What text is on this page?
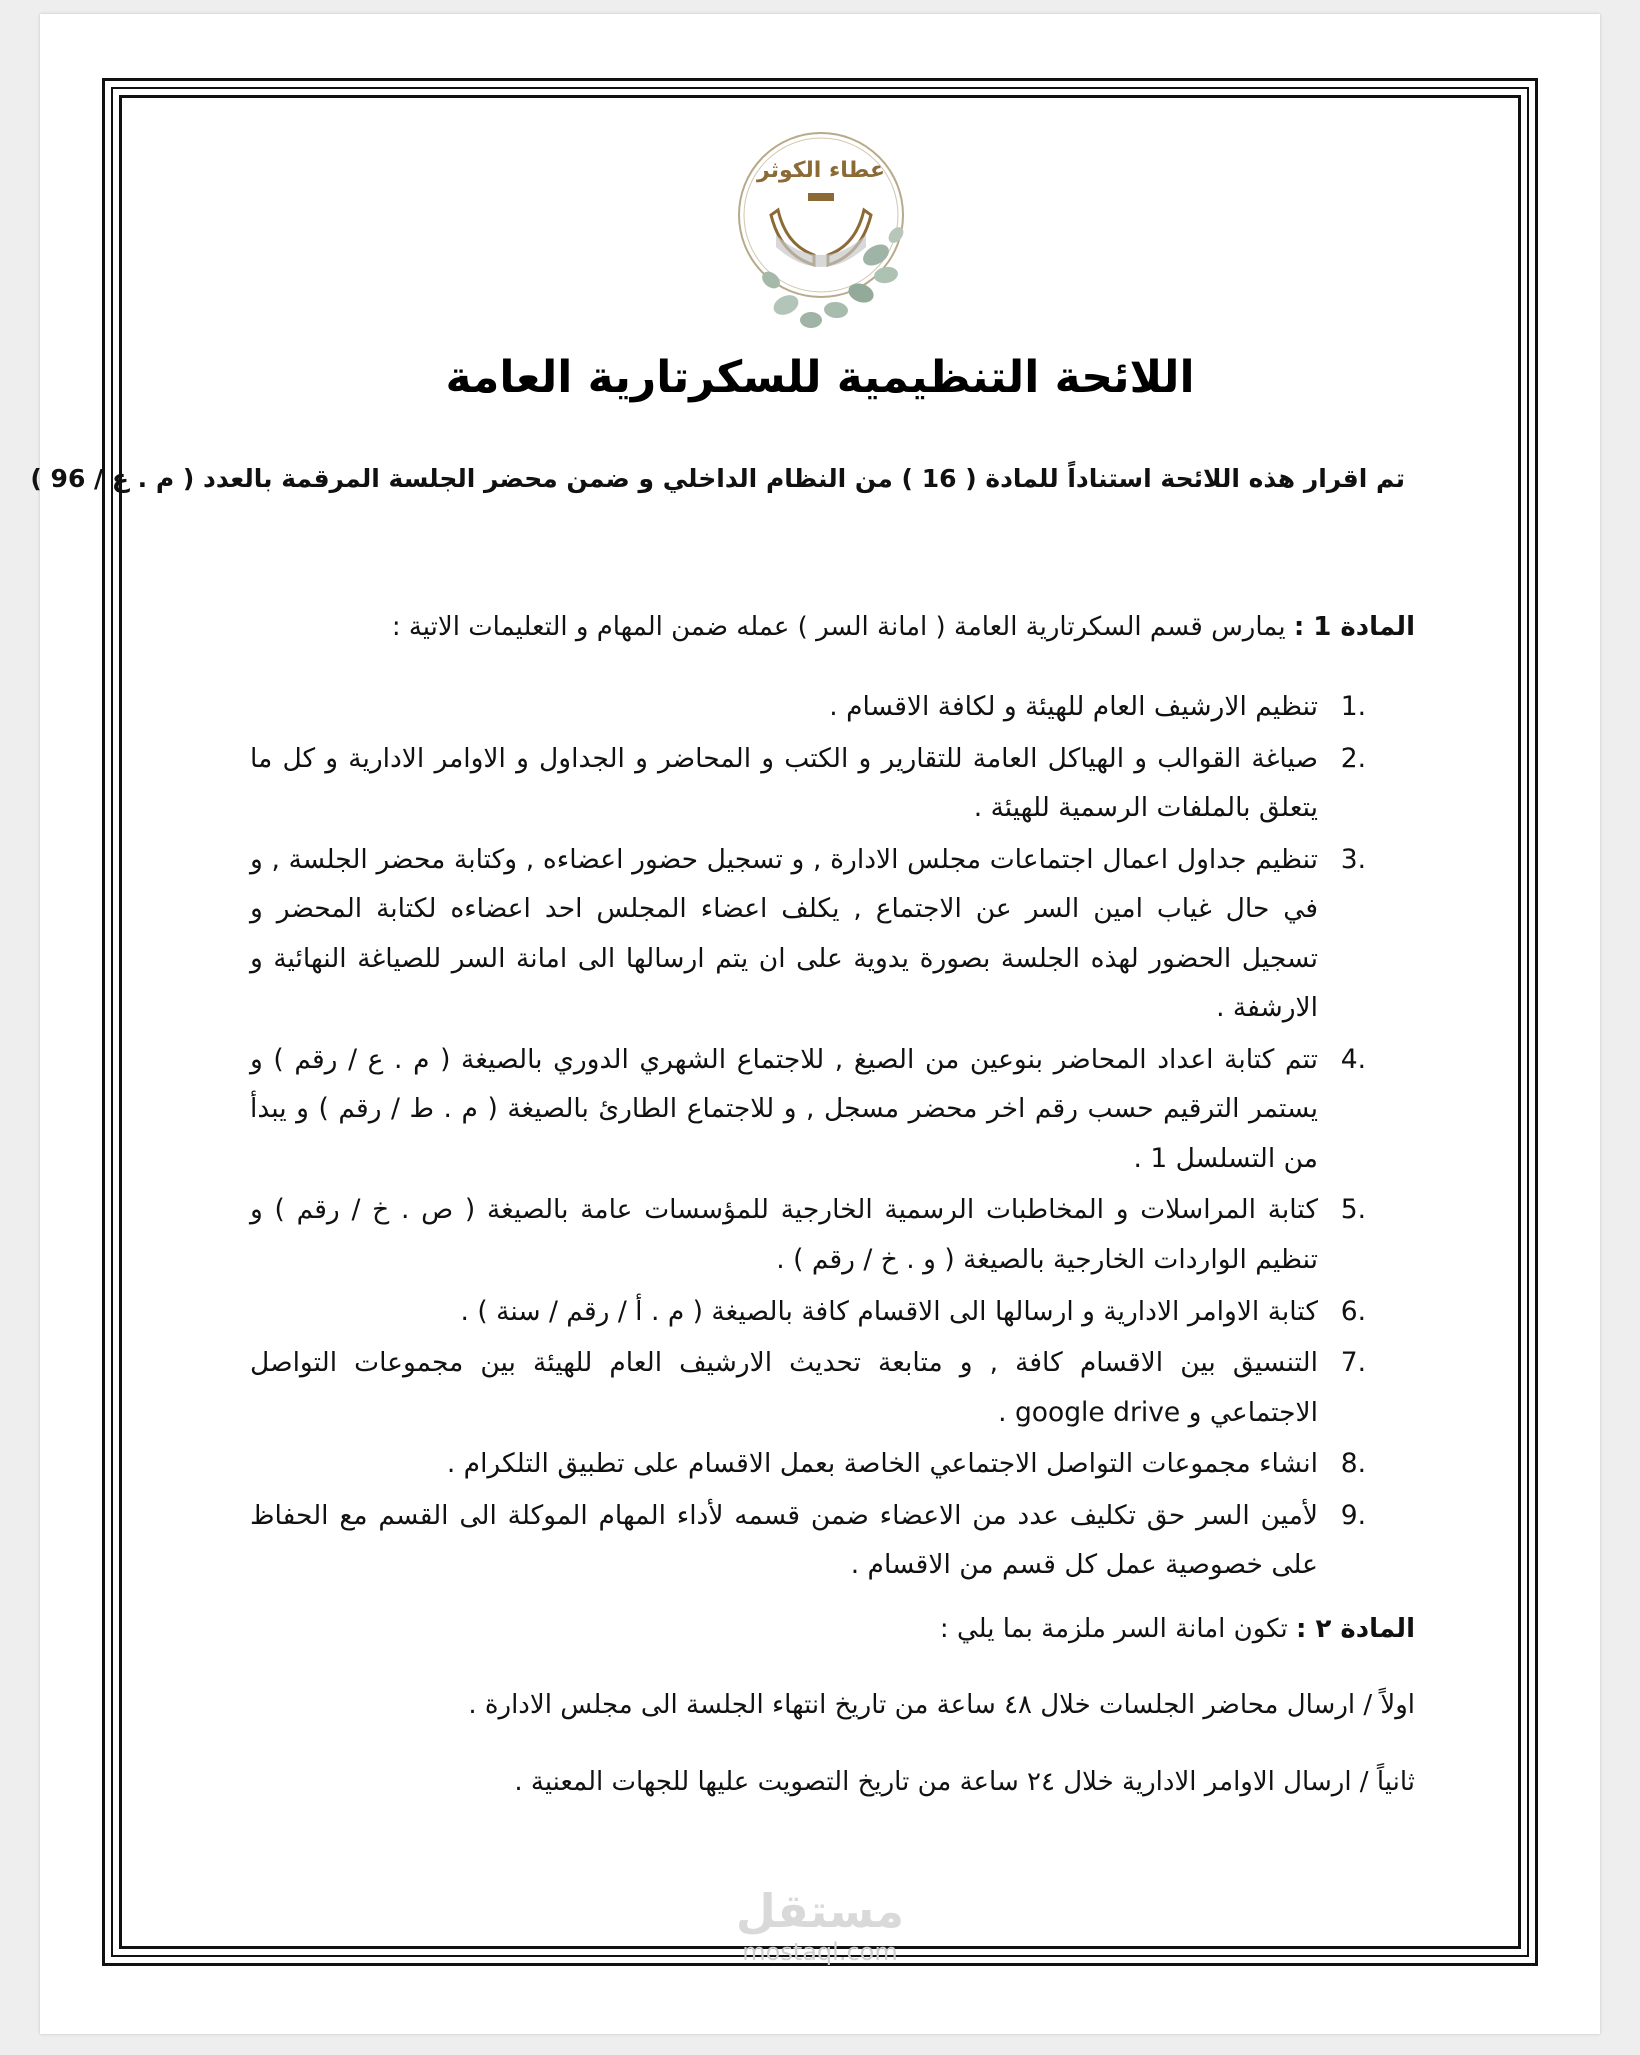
عطاء الكوثر
اللائحة التنظيمية للسكرتارية العامة
تم اقرار هذه اللائحة استناداً للمادة ( 16 ) من النظام الداخلي و ضمن محضر الجلسة المرقمة بالعدد ( م . ع / 96 )
المادة 1 : يمارس قسم السكرتارية العامة ( امانة السر ) عمله ضمن المهام و التعليمات الاتية :
1.
تنظيم الارشيف العام للهيئة و لكافة الاقسام .
2.
صياغة القوالب و الهياكل العامة للتقارير و الكتب و المحاضر و الجداول و الاوامر الادارية و كل ما يتعلق بالملفات الرسمية للهيئة .
3.
تنظيم جداول اعمال اجتماعات مجلس الادارة , و تسجيل حضور اعضاءه , وكتابة محضر الجلسة , و في حال غياب امين السر عن الاجتماع , يكلف اعضاء المجلس احد اعضاءه لكتابة المحضر و تسجيل الحضور لهذه الجلسة بصورة يدوية على ان يتم ارسالها الى امانة السر للصياغة النهائية و الارشفة .
4.
تتم كتابة اعداد المحاضر بنوعين من الصيغ , للاجتماع الشهري الدوري بالصيغة ( م . ع / رقم ) و يستمر الترقيم حسب رقم اخر محضر مسجل , و للاجتماع الطارئ بالصيغة ( م . ط / رقم ) و يبدأ من التسلسل 1 .
5.
كتابة المراسلات و المخاطبات الرسمية الخارجية للمؤسسات عامة بالصيغة ( ص . خ / رقم ) و تنظيم الواردات الخارجية بالصيغة ( و . خ / رقم ) .
6.
كتابة الاوامر الادارية و ارسالها الى الاقسام كافة بالصيغة ( م . أ / رقم / سنة ) .
7.
التنسيق بين الاقسام كافة , و متابعة تحديث الارشيف العام للهيئة بين مجموعات التواصل الاجتماعي و google drive .
8.
انشاء مجموعات التواصل الاجتماعي الخاصة بعمل الاقسام على تطبيق التلكرام .
9.
لأمين السر حق تكليف عدد من الاعضاء ضمن قسمه لأداء المهام الموكلة الى القسم مع الحفاظ على خصوصية عمل كل قسم من الاقسام .
المادة ٢ : تكون امانة السر ملزمة بما يلي :
اولاً / ارسال محاضر الجلسات خلال ٤٨ ساعة من تاريخ انتهاء الجلسة الى مجلس الادارة .
ثانياً / ارسال الاوامر الادارية خلال ٢٤ ساعة من تاريخ التصويت عليها للجهات المعنية .
مستقل
mostaql.com
